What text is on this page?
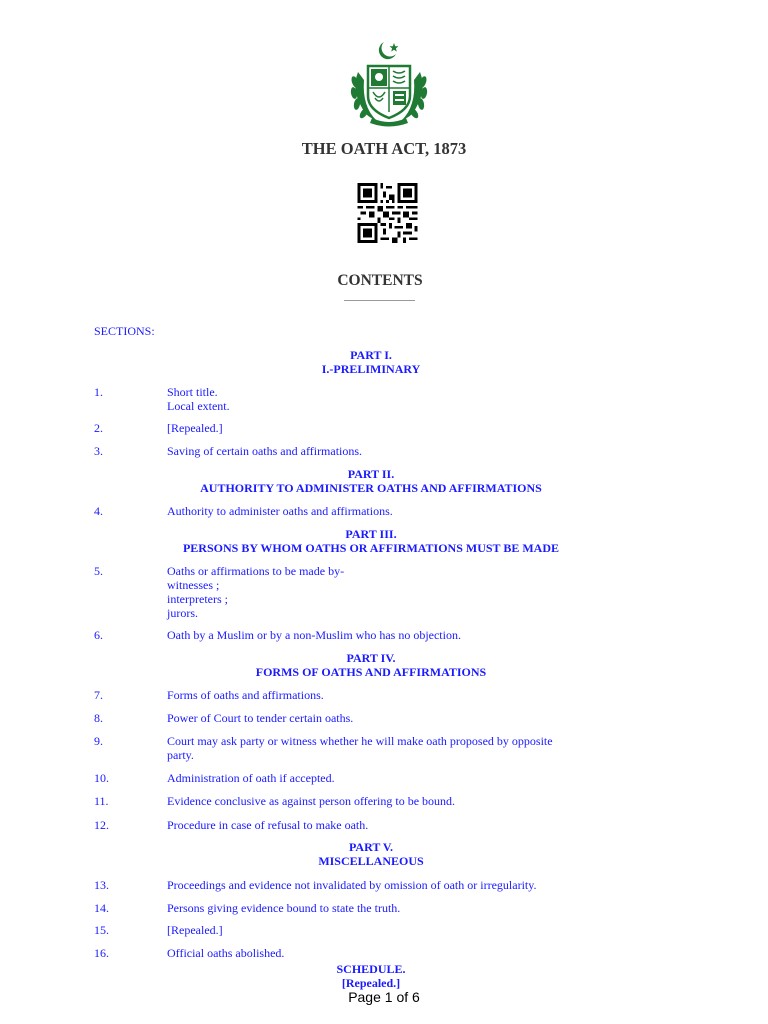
THE OATH ACT, 1873
CONTENTS
SECTIONS:
PART I.
I.-PRELIMINARY
1.	Short title.
Local extent.
2.	[Repealed.]
3.	Saving of certain oaths and affirmations.
PART II.
AUTHORITY TO ADMINISTER OATHS AND AFFIRMATIONS
4.	Authority to administer oaths and affirmations.
PART III.
PERSONS BY WHOM OATHS OR AFFIRMATIONS MUST BE MADE
5.	Oaths or affirmations to be made by-
witnesses ;
interpreters ;
jurors.
6.	Oath by a Muslim or by a non-Muslim who has no objection.
PART IV.
FORMS OF OATHS AND AFFIRMATIONS
7.	Forms of oaths and affirmations.
8.	Power of Court to tender certain oaths.
9.	Court may ask party or witness whether he will make oath proposed by opposite party.
10.	Administration of oath if accepted.
11.	Evidence conclusive as against person offering to be bound.
12.	Procedure in case of refusal to make oath.
PART V.
MISCELLANEOUS
13.	Proceedings and evidence not invalidated by omission of oath or irregularity.
14.	Persons giving evidence bound to state the truth.
15.	[Repealed.]
16.	Official oaths abolished.
SCHEDULE.
[Repealed.]
Page 1 of 6
